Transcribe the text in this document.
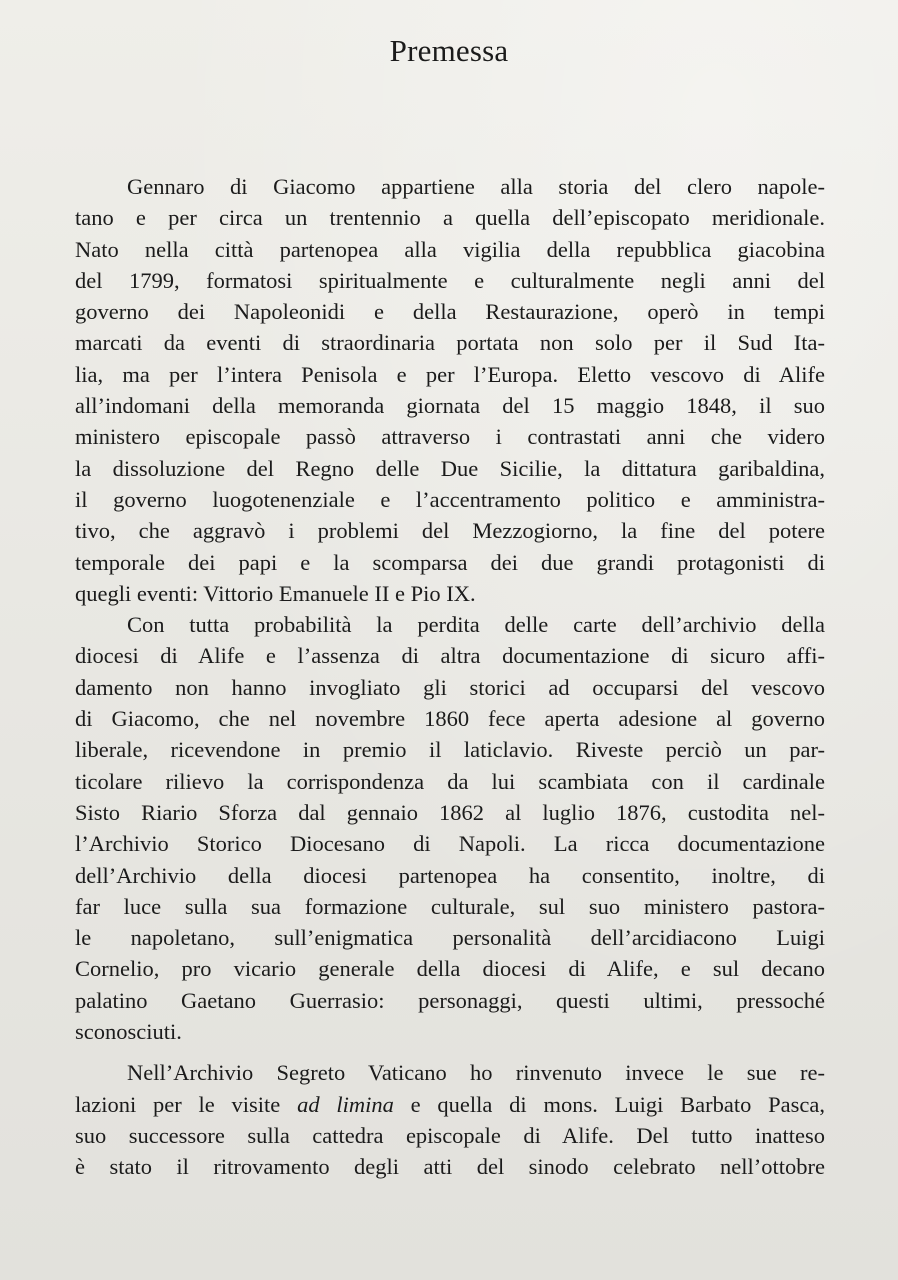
Premessa
Gennaro di Giacomo appartiene alla storia del clero napole-
tano e per circa un trentennio a quella dell’episcopato meridionale.
Nato nella città partenopea alla vigilia della repubblica giacobina
del 1799, formatosi spiritualmente e culturalmente negli anni del
governo dei Napoleonidi e della Restaurazione, operò in tempi
marcati da eventi di straordinaria portata non solo per il Sud Ita-
lia, ma per l’intera Penisola e per l’Europa. Eletto vescovo di Alife
all’indomani della memoranda giornata del 15 maggio 1848, il suo
ministero episcopale passò attraverso i contrastati anni che videro
la dissoluzione del Regno delle Due Sicilie, la dittatura garibaldina,
il governo luogotenenziale e l’accentramento politico e amministra-
tivo, che aggravò i problemi del Mezzogiorno, la fine del potere
temporale dei papi e la scomparsa dei due grandi protagonisti di
quegli eventi: Vittorio Emanuele II e Pio IX.
Con tutta probabilità la perdita delle carte dell’archivio della
diocesi di Alife e l’assenza di altra documentazione di sicuro affi-
damento non hanno invogliato gli storici ad occuparsi del vescovo
di Giacomo, che nel novembre 1860 fece aperta adesione al governo
liberale, ricevendone in premio il laticlavio. Riveste perciò un par-
ticolare rilievo la corrispondenza da lui scambiata con il cardinale
Sisto Riario Sforza dal gennaio 1862 al luglio 1876, custodita nel-
l’Archivio Storico Diocesano di Napoli. La ricca documentazione
dell’Archivio della diocesi partenopea ha consentito, inoltre, di
far luce sulla sua formazione culturale, sul suo ministero pastora-
le napoletano, sull’enigmatica personalità dell’arcidiacono Luigi
Cornelio, pro vicario generale della diocesi di Alife, e sul decano
palatino Gaetano Guerrasio: personaggi, questi ultimi, pressoché
sconosciuti.
Nell’Archivio Segreto Vaticano ho rinvenuto invece le sue re-
lazioni per le visite ad limina e quella di mons. Luigi Barbato Pasca,
suo successore sulla cattedra episcopale di Alife. Del tutto inatteso
è stato il ritrovamento degli atti del sinodo celebrato nell’ottobre
